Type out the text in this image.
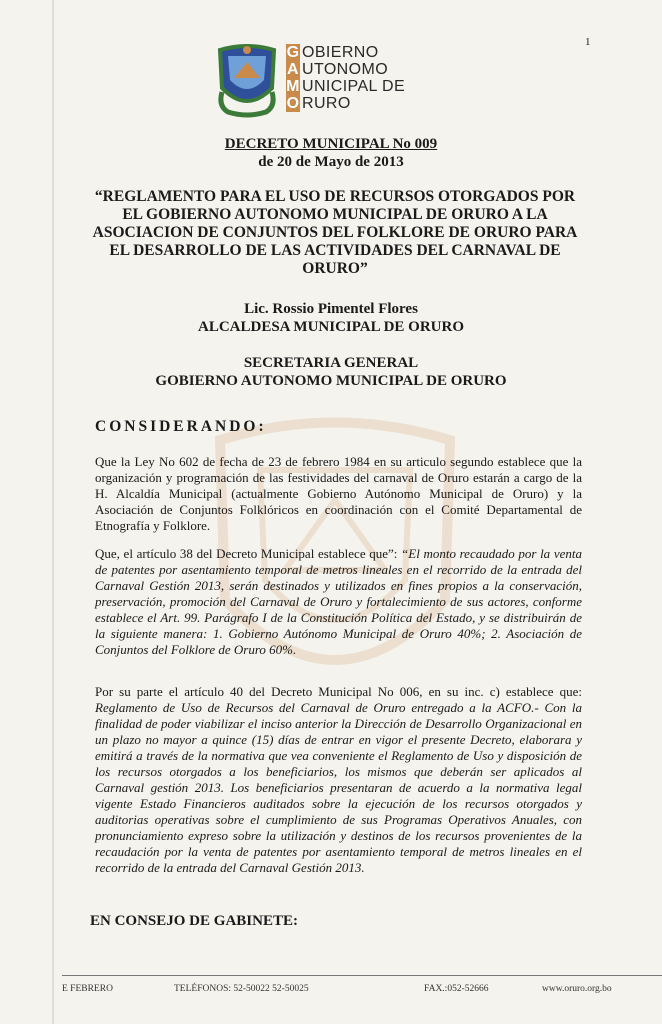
1
G OBIERNO
A UTONOMO
M UNICIPAL DE
O RURO
DECRETO MUNICIPAL No 009
de 20 de Mayo de 2013
“REGLAMENTO PARA EL USO DE RECURSOS OTORGADOS POR EL GOBIERNO AUTONOMO MUNICIPAL DE ORURO A LA ASOCIACION DE CONJUNTOS DEL FOLKLORE DE ORURO PARA EL DESARROLLO DE LAS ACTIVIDADES DEL CARNAVAL DE ORURO”
Lic. Rossio Pimentel Flores
ALCALDESA MUNICIPAL DE ORURO
SECRETARIA GENERAL
GOBIERNO AUTONOMO MUNICIPAL DE ORURO
CONSIDERANDO:

Que la Ley No 602 de fecha de 23 de febrero 1984 en su articulo segundo establece que la organización y programación de las festividades del carnaval de Oruro estarán a cargo de la H. Alcaldía Municipal (actualmente Gobierno Autónomo Municipal de Oruro) y la Asociación de Conjuntos Folklóricos en coordinación con el Comité Departamental de Etnografía y Folklore.

Que, el artículo 38 del Decreto Municipal establece que”: “El monto recaudado por la venta de patentes por asentamiento temporal de metros lineales en el recorrido de la entrada del Carnaval Gestión 2013, serán destinados y utilizados en fines propios a la conservación, preservación, promoción del Carnaval de Oruro y fortalecimiento de sus actores, conforme establece el Art. 99. Parágrafo I de la Constitución Política del Estado, y se distribuirán de la siguiente manera: 1. Gobierno Autónomo Municipal de Oruro 40%; 2. Asociación de Conjuntos del Folklore de Oruro 60%.

Por su parte el artículo 40 del Decreto Municipal No 006, en su inc. c) establece que: Reglamento de Uso de Recursos del Carnaval de Oruro entregado a la ACFO.- Con la finalidad de poder viabilizar el inciso anterior la Dirección de Desarrollo Organizacional en un plazo no mayor a quince (15) días de entrar en vigor el presente Decreto, elaborara y emitirá a través de la normativa que vea conveniente el Reglamento de Uso y disposición de los recursos otorgados a los beneficiarios, los mismos que deberán ser aplicados al Carnaval gestión 2013. Los beneficiarios presentaran de acuerdo a la normativa legal vigente Estado Financieros auditados sobre la ejecución de los recursos otorgados y auditorias operativas sobre el cumplimiento de sus Programas Operativos Anuales, con pronunciamiento expreso sobre la utilización y destinos de los recursos provenientes de la recaudación por la venta de patentes por asentamiento temporal de metros lineales en el recorrido de la entrada del Carnaval Gestión 2013.

EN CONSEJO DE GABINETE:
E FEBRERO	TELÉFONOS: 52-50022 52-50025	FAX.:052-52666	www.oruro.org.bo
